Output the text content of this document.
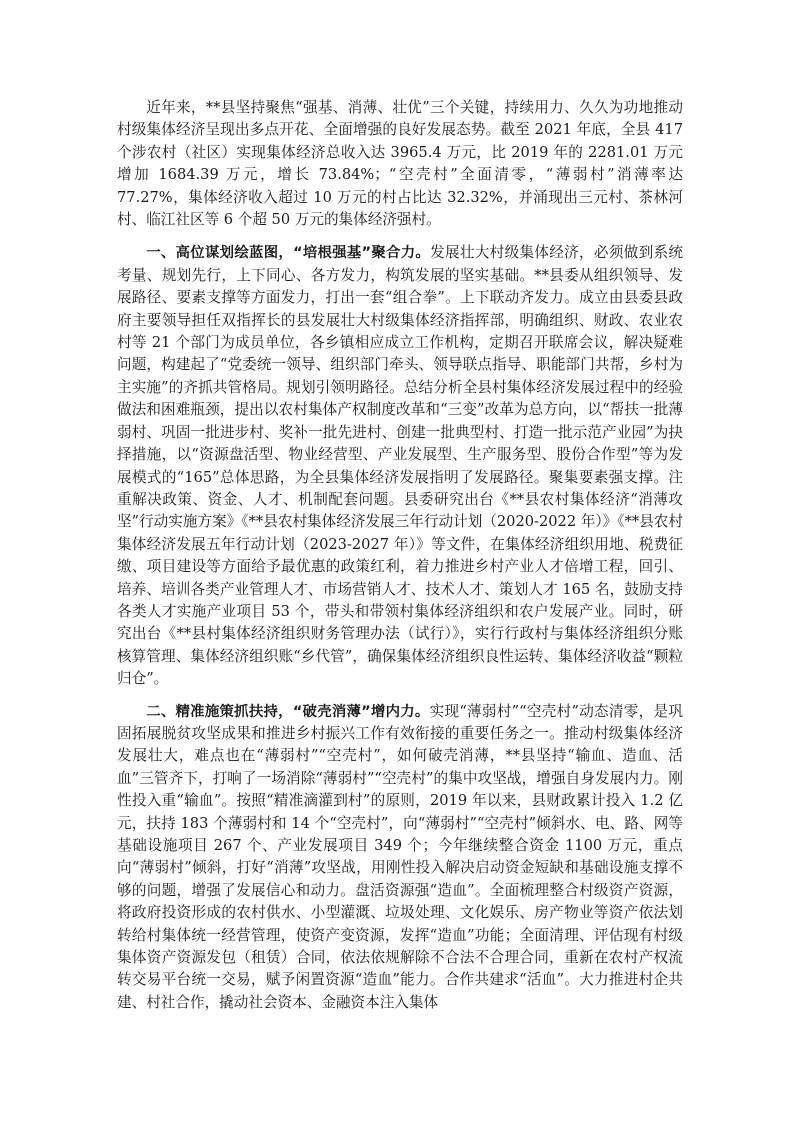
近年来，**县坚持聚焦“强基、消薄、壮优”三个关键，持续用力、久久为功地推动村级集体经济呈现出多点开花、全面增强的良好发展态势。截至 2021 年底，全县 417 个涉农村（社区）实现集体经济总收入达 3965.4 万元，比 2019 年的 2281.01 万元增加 1684.39 万元，增长 73.84%；“空壳村”全面清零，“薄弱村”消薄率达 77.27%，集体经济收入超过 10 万元的村占比达 32.32%，并涌现出三元村、茶林河村、临江社区等 6 个超 50 万元的集体经济强村。

一、高位谋划绘蓝图，“培根强基”聚合力。发展壮大村级集体经济，必须做到系统考量、规划先行，上下同心、各方发力，构筑发展的坚实基础。**县委从组织领导、发展路径、要素支撑等方面发力，打出一套“组合拳”。上下联动齐发力。成立由县委县政府主要领导担任双指挥长的县发展壮大村级集体经济指挥部，明确组织、财政、农业农村等 21 个部门为成员单位，各乡镇相应成立工作机构，定期召开联席会议，解决疑难问题，构建起了“党委统一领导、组织部门牵头、领导联点指导、职能部门共帮，乡村为主实施”的齐抓共管格局。规划引领明路径。总结分析全县村集体经济发展过程中的经验做法和困难瓶颈，提出以农村集体产权制度改革和“三变”改革为总方向，以“帮扶一批薄弱村、巩固一批进步村、奖补一批先进村、创建一批典型村、打造一批示范产业园”为抉择措施，以“资源盘活型、物业经营型、产业发展型、生产服务型、股份合作型”等为发展模式的“165”总体思路，为全县集体经济发展指明了发展路径。聚集要素强支撑。注重解决政策、资金、人才、机制配套问题。县委研究出台《**县农村集体经济“消薄攻坚”行动实施方案》《**县农村集体经济发展三年行动计划（2020-2022 年）》《**县农村集体经济发展五年行动计划（2023-2027 年）》等文件，在集体经济组织用地、税费征缴、项目建设等方面给予最优惠的政策红利，着力推进乡村产业人才倍增工程，回引、培养、培训各类产业管理人才、市场营销人才、技术人才、策划人才 165 名，鼓励支持各类人才实施产业项目 53 个，带头和带领村集体经济组织和农户发展产业。同时，研究出台《**县村集体经济组织财务管理办法（试行）》，实行行政村与集体经济组织分账核算管理、集体经济组织账“乡代管”，确保集体经济组织良性运转、集体经济收益“颗粒归仓”。

二、精准施策抓扶持，“破壳消薄”增内力。实现“薄弱村”“空壳村”动态清零，是巩固拓展脱贫攻坚成果和推进乡村振兴工作有效衔接的重要任务之一。推动村级集体经济发展壮大，难点也在“薄弱村”“空壳村”，如何破壳消薄，**县坚持“输血、造血、活血”三管齐下，打响了一场消除“薄弱村”“空壳村”的集中攻坚战，增强自身发展内力。刚性投入重“输血”。按照“精准滴灌到村”的原则，2019 年以来，县财政累计投入 1.2 亿元，扶持 183 个薄弱村和 14 个“空壳村”，向“薄弱村”“空壳村”倾斜水、电、路、网等基础设施项目 267 个、产业发展项目 349 个；今年继续整合资金 1100 万元，重点向“薄弱村”倾斜，打好“消薄”攻坚战，用刚性投入解决启动资金短缺和基础设施支撑不够的问题，增强了发展信心和动力。盘活资源强“造血”。全面梳理整合村级资产资源，将政府投资形成的农村供水、小型灌溉、垃圾处理、文化娱乐、房产物业等资产依法划转给村集体统一经营管理，使资产变资源，发挥“造血”功能；全面清理、评估现有村级集体资产资源发包（租赁）合同，依法依规解除不合法不合理合同，重新在农村产权流转交易平台统一交易，赋予闲置资源“造血”能力。合作共建求“活血”。大力推进村企共建、村社合作，撬动社会资本、金融资本注入集体
